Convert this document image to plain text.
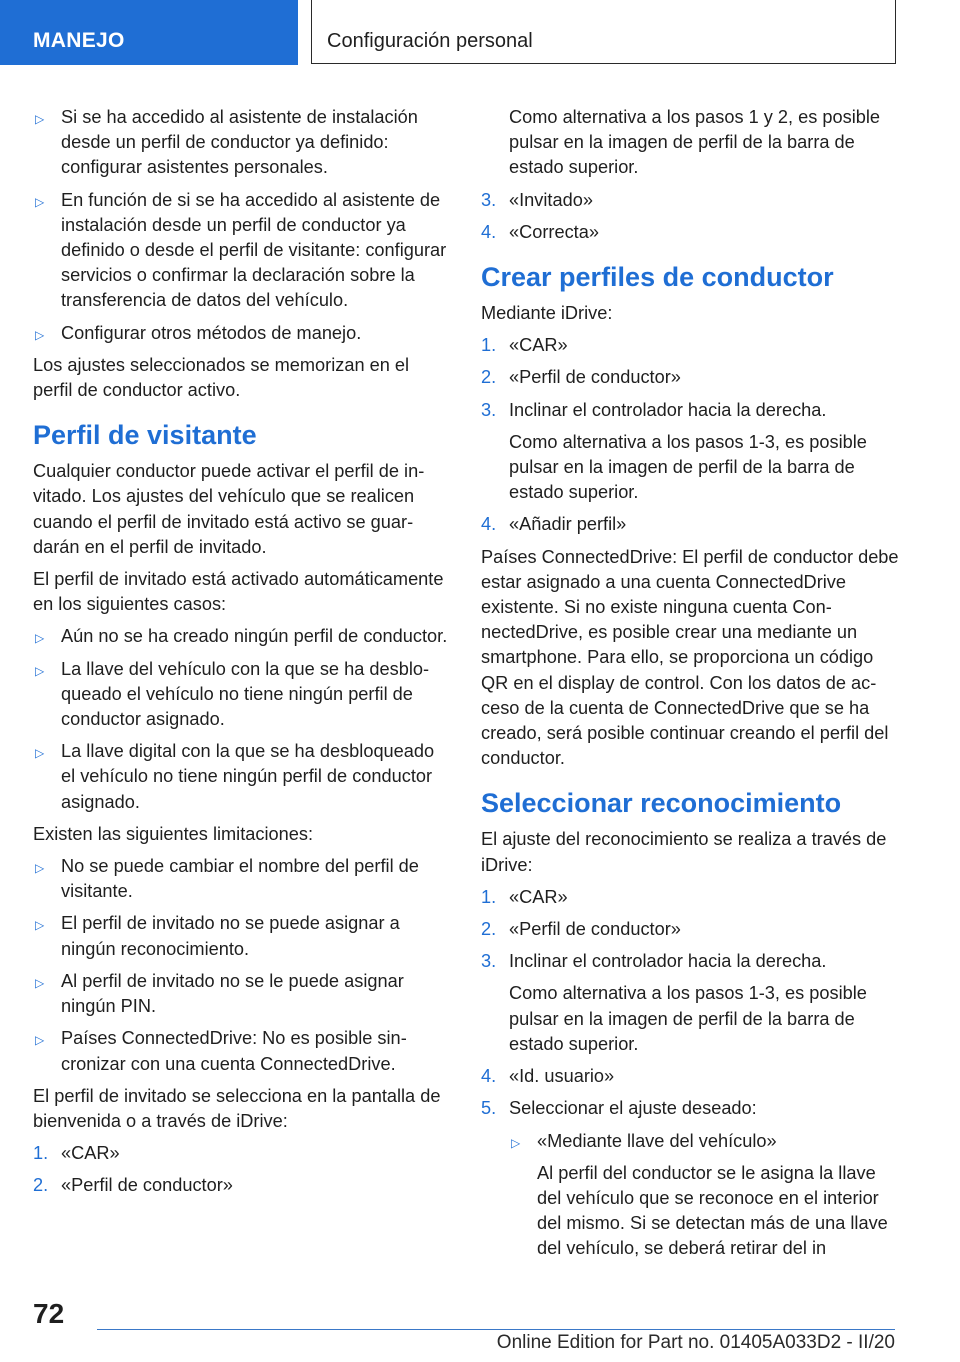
MANEJO	Configuración personal
▷ Si se ha accedido al asistente de instalación desde un perfil de conductor ya definido: configurar asistentes personales.
▷ En función de si se ha accedido al asistente de instalación desde un perfil de conductor ya definido o desde el perfil de visitante: configurar servicios o confirmar la declaración sobre la transferencia de datos del vehículo.
▷ Configurar otros métodos de manejo.
Los ajustes seleccionados se memorizan en el perfil de conductor activo.
Perfil de visitante
Cualquier conductor puede activar el perfil de invitado. Los ajustes del vehículo que se realicen cuando el perfil de invitado está activo se guardarán en el perfil de invitado.
El perfil de invitado está activado automáticamente en los siguientes casos:
▷ Aún no se ha creado ningún perfil de conductor.
▷ La llave del vehículo con la que se ha desbloqueado el vehículo no tiene ningún perfil de conductor asignado.
▷ La llave digital con la que se ha desbloqueado el vehículo no tiene ningún perfil de conductor asignado.
Existen las siguientes limitaciones:
▷ No se puede cambiar el nombre del perfil de visitante.
▷ El perfil de invitado no se puede asignar a ningún reconocimiento.
▷ Al perfil de invitado no se le puede asignar ningún PIN.
▷ Países ConnectedDrive: No es posible sincronizar con una cuenta ConnectedDrive.
El perfil de invitado se selecciona en la pantalla de bienvenida o a través de iDrive:
1. «CAR»
2. «Perfil de conductor»
Como alternativa a los pasos 1 y 2, es posible pulsar en la imagen de perfil de la barra de estado superior.
3. «Invitado»
4. «Correcta»
Crear perfiles de conductor
Mediante iDrive:
1. «CAR»
2. «Perfil de conductor»
3. Inclinar el controlador hacia la derecha.
Como alternativa a los pasos 1-3, es posible pulsar en la imagen de perfil de la barra de estado superior.
4. «Añadir perfil»
Países ConnectedDrive: El perfil de conductor debe estar asignado a una cuenta ConnectedDrive existente. Si no existe ninguna cuenta ConnectedDrive, es posible crear una mediante un smartphone. Para ello, se proporciona un código QR en el display de control. Con los datos de acceso de la cuenta de ConnectedDrive que se ha creado, será posible continuar creando el perfil del conductor.
Seleccionar reconocimiento
El ajuste del reconocimiento se realiza a través de iDrive:
1. «CAR»
2. «Perfil de conductor»
3. Inclinar el controlador hacia la derecha.
Como alternativa a los pasos 1-3, es posible pulsar en la imagen de perfil de la barra de estado superior.
4. «Id. usuario»
5. Seleccionar el ajuste deseado:
▷ «Mediante llave del vehículo»
Al perfil del conductor se le asigna la llave del vehículo que se reconoce en el interior del mismo. Si se detectan más de una llave del vehículo, se deberá retirar del in
72
Online Edition for Part no. 01405A033D2 - II/20
